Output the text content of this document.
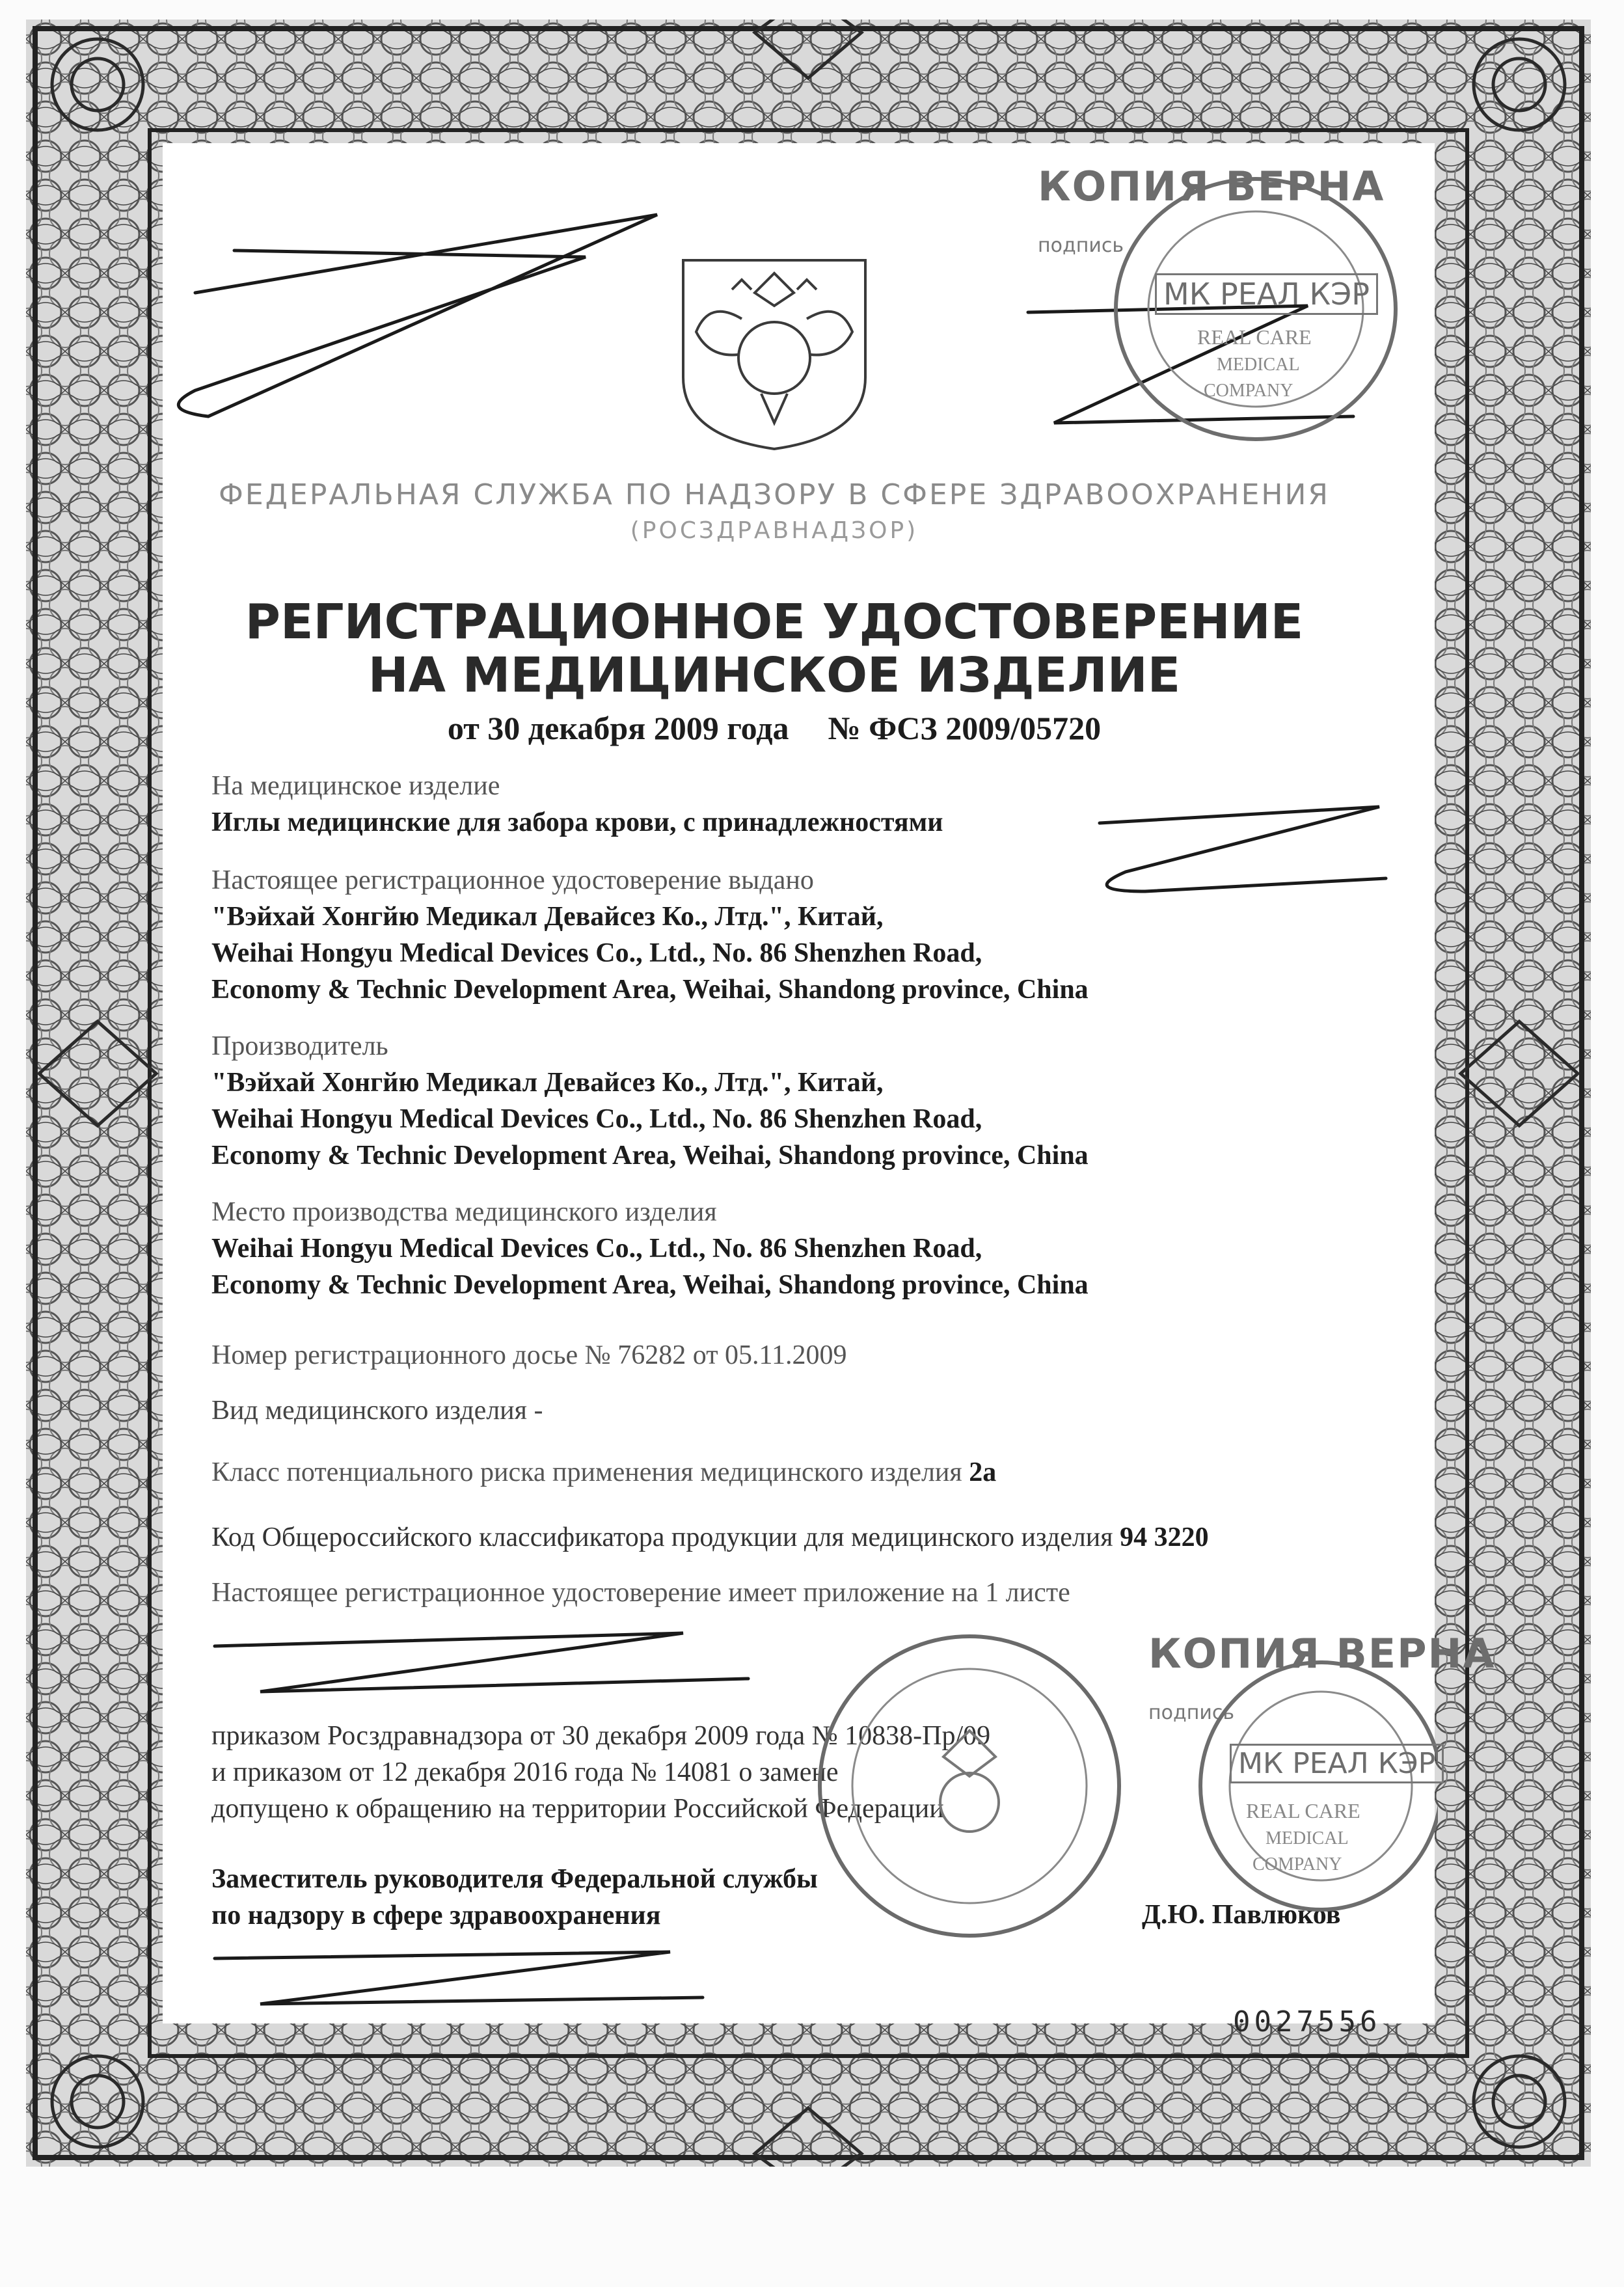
ФЕДЕРАЛЬНАЯ СЛУЖБА ПО НАДЗОРУ В СФЕРЕ ЗДРАВООХРАНЕНИЯ
(РОСЗДРАВНАДЗОР)
РЕГИСТРАЦИОННОЕ УДОСТОВЕРЕНИЕ
НА МЕДИЦИНСКОЕ ИЗДЕЛИЕ
от 30 декабря 2009 года № ФСЗ 2009/05720
На медицинское изделие
Иглы медицинские для забора крови, с принадлежностями
Настоящее регистрационное удостоверение выдано
"Вэйхай Хонгйю Медикал Девайсез Ко., Лтд.", Китай,
Weihai Hongyu Medical Devices Co., Ltd., No. 86 Shenzhen Road,
Economy & Technic Development Area, Weihai, Shandong province, China
Производитель
"Вэйхай Хонгйю Медикал Девайсез Ко., Лтд.", Китай,
Weihai Hongyu Medical Devices Co., Ltd., No. 86 Shenzhen Road,
Economy & Technic Development Area, Weihai, Shandong province, China
Место производства медицинского изделия
Weihai Hongyu Medical Devices Co., Ltd., No. 86 Shenzhen Road,
Economy & Technic Development Area, Weihai, Shandong province, China
Номер регистрационного досье № 76282 от 05.11.2009
Вид медицинского изделия -
Класс потенциального риска применения медицинского изделия 2а
Код Общероссийского классификатора продукции для медицинского изделия 94 3220
Настоящее регистрационное удостоверение имеет приложение на 1 листе
приказом Росздравнадзора от 30 декабря 2009 года № 10838-Пр/09
и приказом от 12 декабря 2016 года № 14081 о замене
допущено к обращению на территории Российской Федерации
Заместитель руководителя Федеральной службы
по надзору в сфере здравоохранения	Д.Ю. Павлюков
КОПИЯ ВЕРНА
подпись
МК РЕАЛ КЭР
REAL CARE
MEDICAL
COMPANY
КОПИЯ ВЕРНА
подпись
МК РЕАЛ КЭР
REAL CARE
MEDICAL
COMPANY
0027556
